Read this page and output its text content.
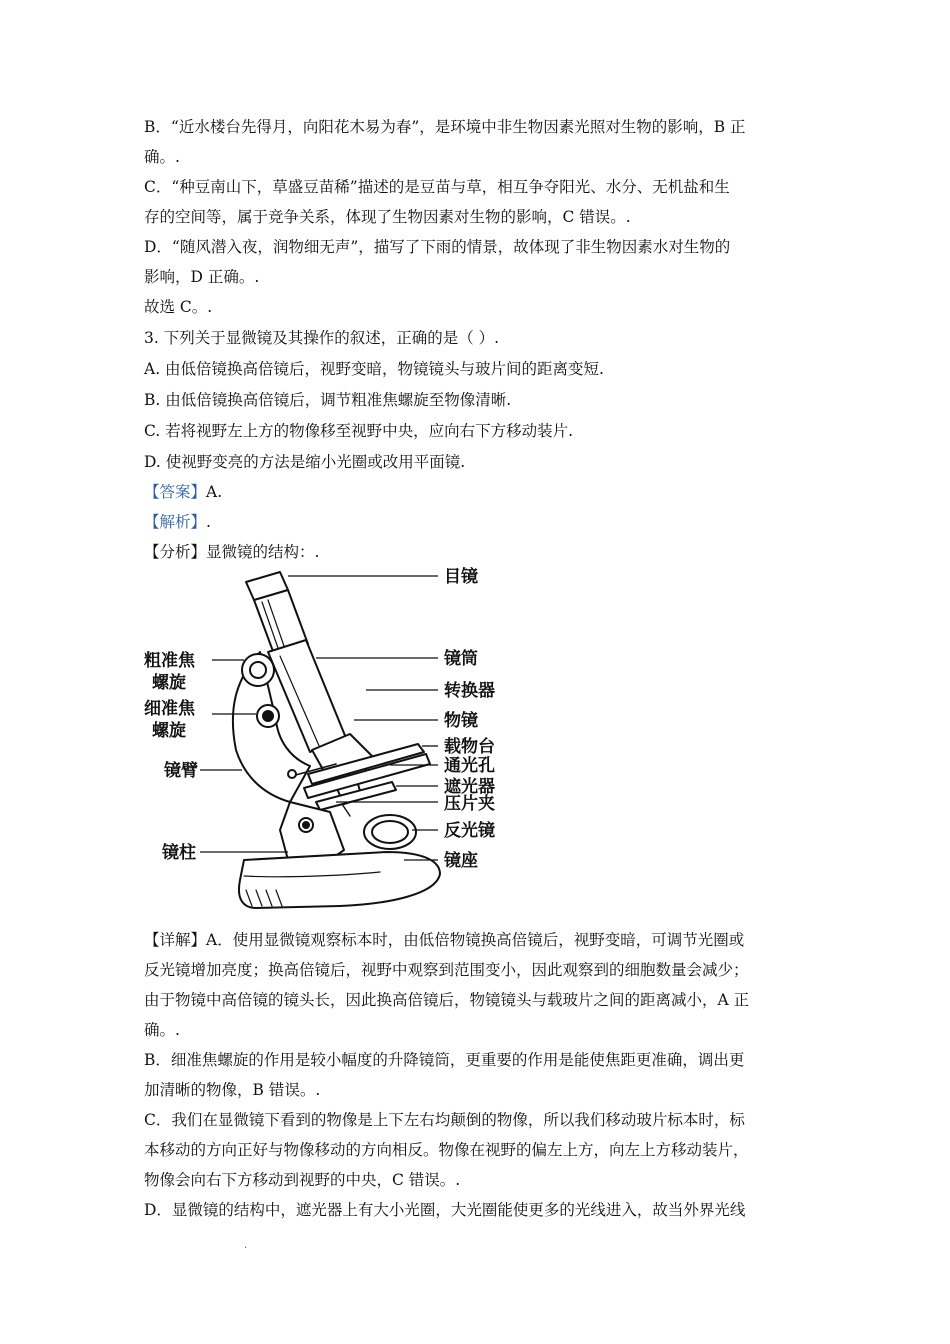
B．“近水楼台先得月，向阳花木易为春”，是环境中非生物因素光照对生物的影响，B 正
确。.
C．“种豆南山下，草盛豆苗稀”描述的是豆苗与草，相互争夺阳光、水分、无机盐和生
存的空间等，属于竞争关系，体现了生物因素对生物的影响，C 错误。.
D．“随风潜入夜，润物细无声”，描写了下雨的情景，故体现了非生物因素水对生物的
影响，D 正确。.
故选 C。.
3. 下列关于显微镜及其操作的叙述，正确的是（ ）.
A. 由低倍镜换高倍镜后，视野变暗，物镜镜头与玻片间的距离变短.
B. 由低倍镜换高倍镜后，调节粗准焦螺旋至物像清晰.
C. 若将视野左上方的物像移至视野中央，应向右下方移动装片.
D. 使视野变亮的方法是缩小光圈或改用平面镜.
【答案】A.
【解析】.
【分析】显微镜的结构：.
目镜
镜筒
转换器
物镜
载物台
通光孔
遮光器
压片夹
反光镜
镜座
粗准焦
螺旋
细准焦
螺旋
镜臂
镜柱
【详解】A．使用显微镜观察标本时，由低倍物镜换高倍镜后，视野变暗，可调节光圈或
反光镜增加亮度；换高倍镜后，视野中观察到范围变小，因此观察到的细胞数量会减少；
由于物镜中高倍镜的镜头长，因此换高倍镜后，物镜镜头与载玻片之间的距离减小，A 正
确。.
B．细准焦螺旋的作用是较小幅度的升降镜筒，更重要的作用是能使焦距更准确，调出更
加清晰的物像，B 错误。.
C．我们在显微镜下看到的物像是上下左右均颠倒的物像，所以我们移动玻片标本时，标
本移动的方向正好与物像移动的方向相反。物像在视野的偏左上方，向左上方移动装片，
物像会向右下方移动到视野的中央，C 错误。.
D．显微镜的结构中，遮光器上有大小光圈，大光圈能使更多的光线进入，故当外界光线
.
